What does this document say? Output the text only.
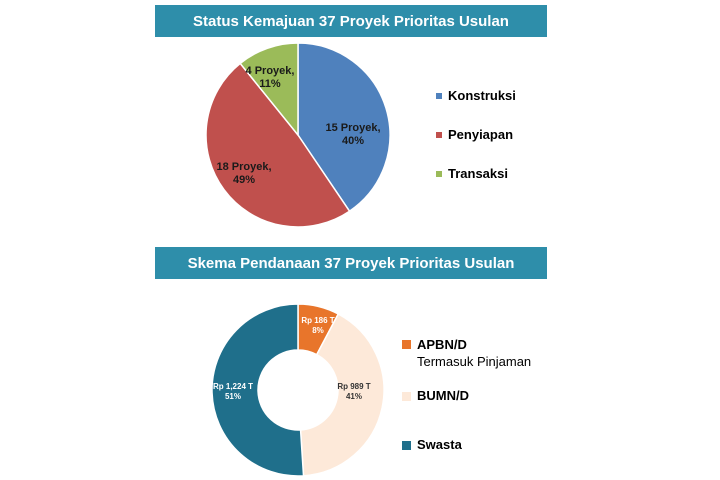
Status Kemajuan 37 Proyek Prioritas Usulan
Skema Pendanaan 37 Proyek Prioritas Usulan
15 Proyek, 40%
18 Proyek, 49%
4 Proyek, 11%
Rp 186 T 8%
Rp 989 T 41%
Rp 1,224 T 51%
Konstruksi
Penyiapan
Transaksi
APBN/D
Termasuk Pinjaman
BUMN/D
Swasta
